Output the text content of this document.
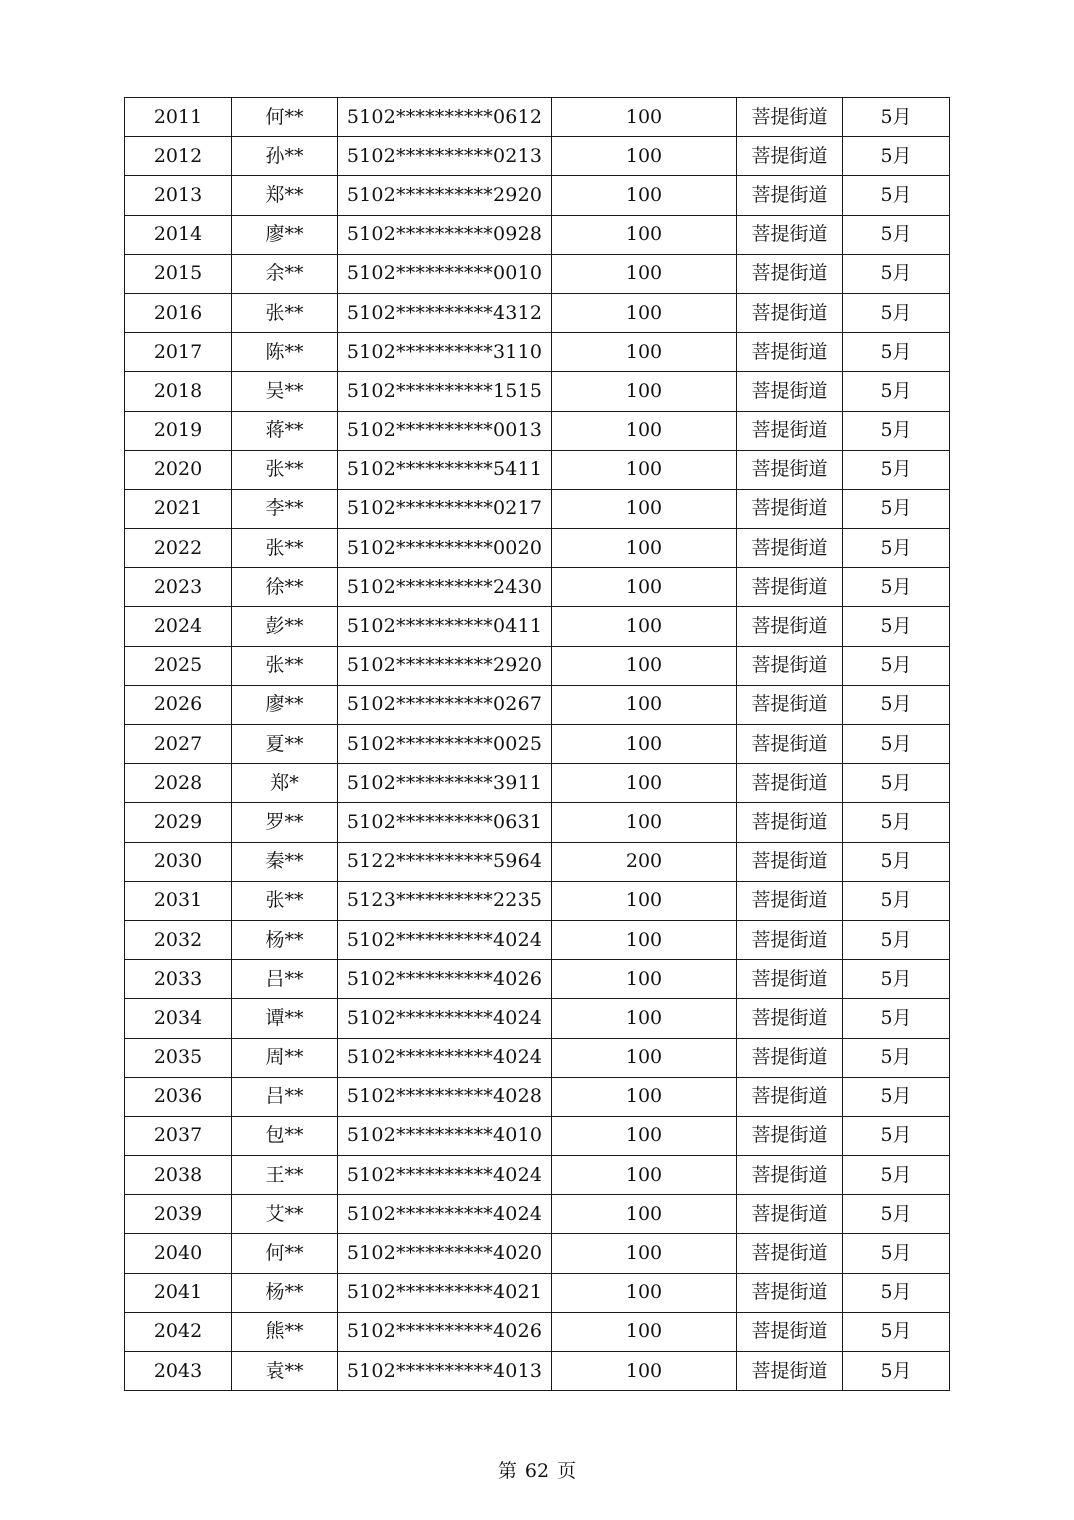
2011	何**	5102**********0612	100	菩提街道	5月
2012	孙**	5102**********0213	100	菩提街道	5月
2013	郑**	5102**********2920	100	菩提街道	5月
2014	廖**	5102**********0928	100	菩提街道	5月
2015	余**	5102**********0010	100	菩提街道	5月
2016	张**	5102**********4312	100	菩提街道	5月
2017	陈**	5102**********3110	100	菩提街道	5月
2018	吴**	5102**********1515	100	菩提街道	5月
2019	蒋**	5102**********0013	100	菩提街道	5月
2020	张**	5102**********5411	100	菩提街道	5月
2021	李**	5102**********0217	100	菩提街道	5月
2022	张**	5102**********0020	100	菩提街道	5月
2023	徐**	5102**********2430	100	菩提街道	5月
2024	彭**	5102**********0411	100	菩提街道	5月
2025	张**	5102**********2920	100	菩提街道	5月
2026	廖**	5102**********0267	100	菩提街道	5月
2027	夏**	5102**********0025	100	菩提街道	5月
2028	郑*	5102**********3911	100	菩提街道	5月
2029	罗**	5102**********0631	100	菩提街道	5月
2030	秦**	5122**********5964	200	菩提街道	5月
2031	张**	5123**********2235	100	菩提街道	5月
2032	杨**	5102**********4024	100	菩提街道	5月
2033	吕**	5102**********4026	100	菩提街道	5月
2034	谭**	5102**********4024	100	菩提街道	5月
2035	周**	5102**********4024	100	菩提街道	5月
2036	吕**	5102**********4028	100	菩提街道	5月
2037	包**	5102**********4010	100	菩提街道	5月
2038	王**	5102**********4024	100	菩提街道	5月
2039	艾**	5102**********4024	100	菩提街道	5月
2040	何**	5102**********4020	100	菩提街道	5月
2041	杨**	5102**********4021	100	菩提街道	5月
2042	熊**	5102**********4026	100	菩提街道	5月
2043	袁**	5102**********4013	100	菩提街道	5月
第 62 页
